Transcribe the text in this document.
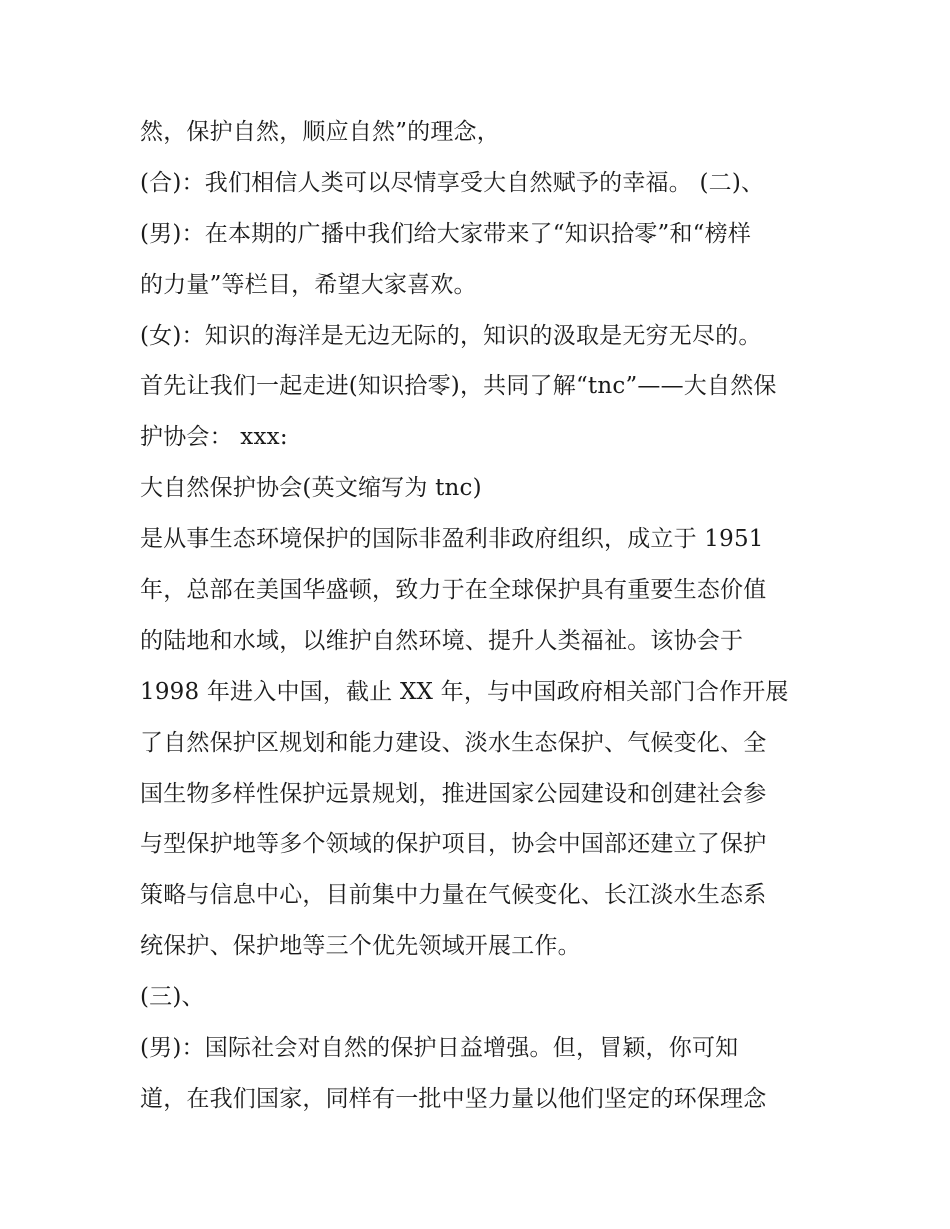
然，保护自然，顺应自然”的理念，
(合)：我们相信人类可以尽情享受大自然赋予的幸福。 (二)、
(男)：在本期的广播中我们给大家带来了“知识拾零”和“榜样
的力量”等栏目，希望大家喜欢。
(女)：知识的海洋是无边无际的，知识的汲取是无穷无尽的。
首先让我们一起走进(知识拾零)，共同了解“tnc”——大自然保
护协会： xxx:
大自然保护协会(英文缩写为 tnc)
是从事生态环境保护的国际非盈利非政府组织，成立于 1951
年，总部在美国华盛顿，致力于在全球保护具有重要生态价值
的陆地和水域，以维护自然环境、提升人类福祉。该协会于
1998 年进入中国，截止 XX 年，与中国政府相关部门合作开展
了自然保护区规划和能力建设、淡水生态保护、气候变化、全
国生物多样性保护远景规划，推进国家公园建设和创建社会参
与型保护地等多个领域的保护项目，协会中国部还建立了保护
策略与信息中心，目前集中力量在气候变化、长江淡水生态系
统保护、保护地等三个优先领域开展工作。
(三)、
(男)：国际社会对自然的保护日益增强。但，冒颖，你可知
道，在我们国家，同样有一批中坚力量以他们坚定的环保理念
